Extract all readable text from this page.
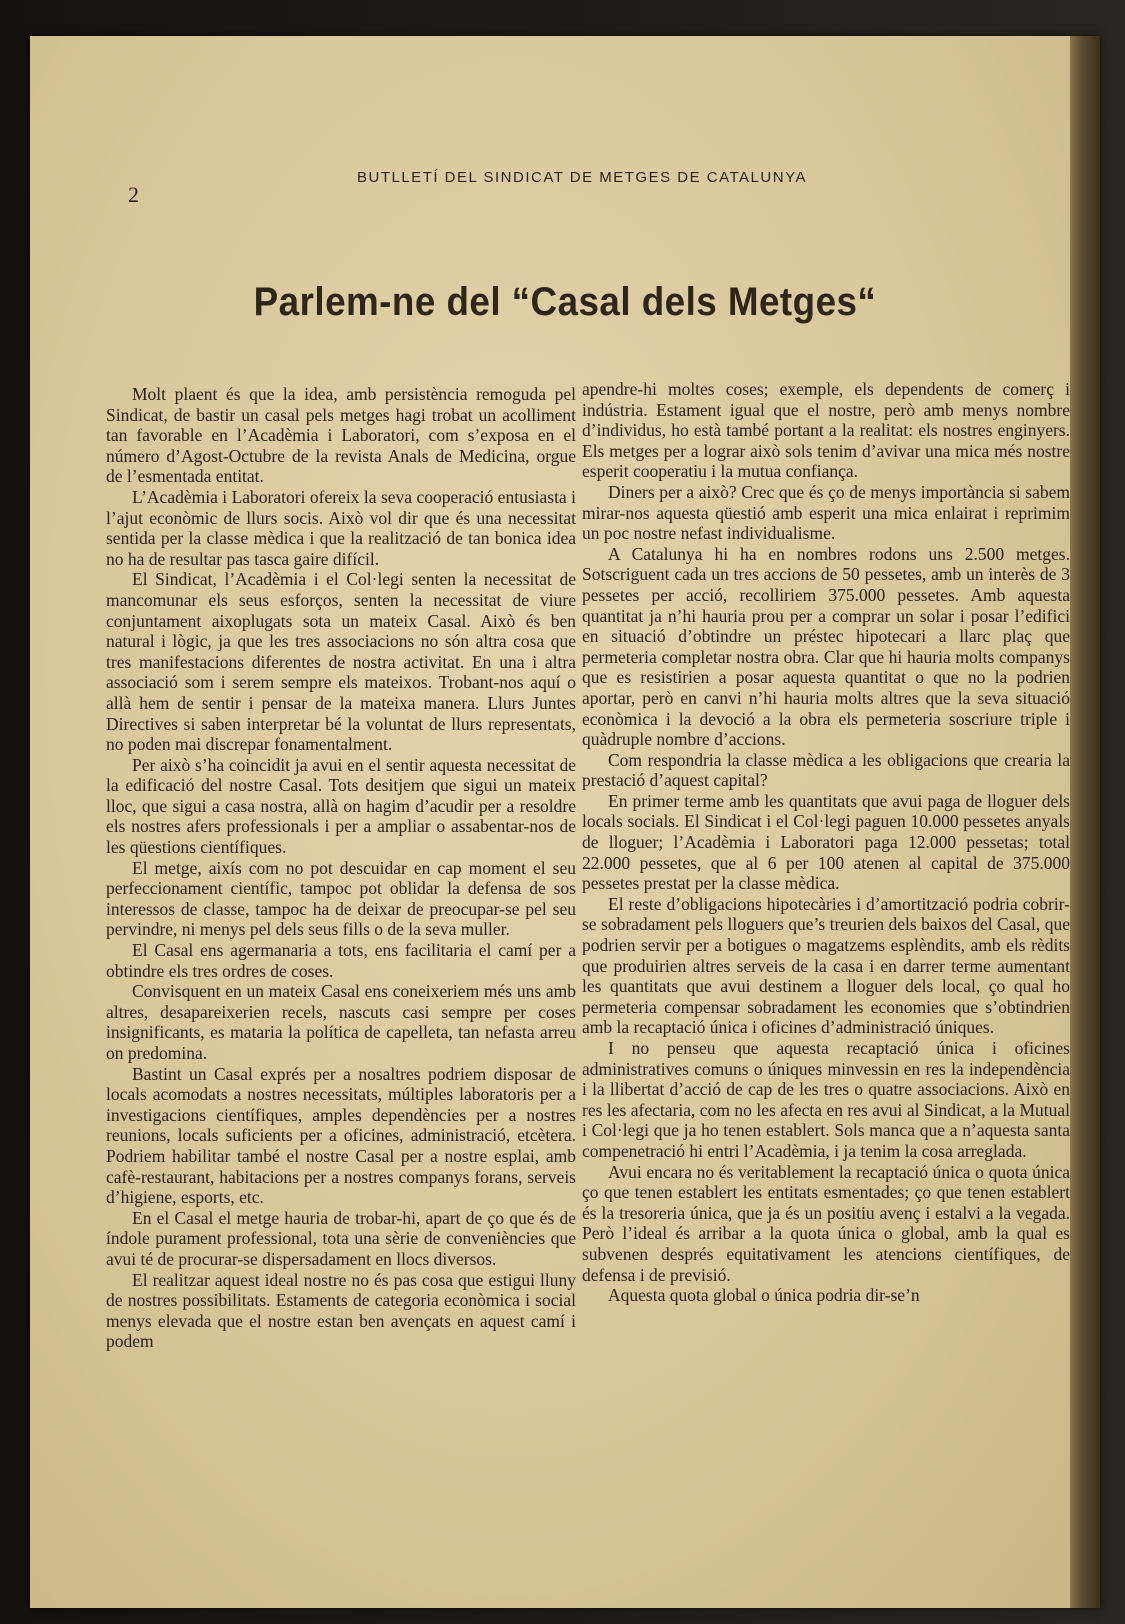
2
BUTLLETÍ DEL SINDICAT DE METGES DE CATALUNYA
Parlem-ne del “Casal dels Metges“

Molt plaent és que la idea, amb persistència remoguda pel Sindicat, de bastir un casal pels metges hagi trobat un acolliment tan favorable en l’Acadèmia i Laboratori, com s’exposa en el número d’Agost-Octubre de la revista Anals de Medicina, orgue de l’esmentada entitat.

L’Acadèmia i Laboratori ofereix la seva cooperació entusiasta i l’ajut econòmic de llurs socis. Això vol dir que és una necessitat sentida per la classe mèdica i que la realització de tan bonica idea no ha de resultar pas tasca gaire difícil.

El Sindicat, l’Acadèmia i el Col·legi senten la necessitat de mancomunar els seus esforços, senten la necessitat de viure conjuntament aixoplugats sota un mateix Casal. Això és ben natural i lògic, ja que les tres associacions no són altra cosa que tres manifestacions diferentes de nostra activitat. En una i altra associació som i serem sempre els mateixos. Trobant-nos aquí o allà hem de sentir i pensar de la mateixa manera. Llurs Juntes Directives si saben interpretar bé la voluntat de llurs representats, no poden mai discrepar fonamentalment.

Per això s’ha coincidit ja avui en el sentir aquesta necessitat de la edificació del nostre Casal. Tots desitjem que sigui un mateix lloc, que sigui a casa nostra, allà on hagim d’acudir per a resoldre els nostres afers professionals i per a ampliar o assabentar-nos de les qüestions científiques.

El metge, aixís com no pot descuidar en cap moment el seu perfeccionament científic, tampoc pot oblidar la defensa de sos interessos de classe, tampoc ha de deixar de preocupar-se pel seu pervindre, ni menys pel dels seus fills o de la seva muller.

El Casal ens agermanaria a tots, ens facilitaria el camí per a obtindre els tres ordres de coses.

Convisquent en un mateix Casal ens coneixeriem més uns amb altres, desapareixerien recels, nascuts casi sempre per coses insignificants, es mataria la política de capelleta, tan nefasta arreu on predomina.

Bastint un Casal exprés per a nosaltres podriem disposar de locals acomodats a nostres necessitats, múltiples laboratoris per a investigacions científiques, amples dependències per a nostres reunions, locals suficients per a oficines, administració, etcètera. Podriem habilitar també el nostre Casal per a nostre esplai, amb cafè-restaurant, habitacions per a nostres companys forans, serveis d’higiene, esports, etc.

En el Casal el metge hauria de trobar-hi, apart de ço que és de índole purament professional, tota una sèrie de conveniències que avui té de procurar-se dispersadament en llocs diversos.

El realitzar aquest ideal nostre no és pas cosa que estigui lluny de nostres possibilitats. Estaments de categoria econòmica i social menys elevada que el nostre estan ben avençats en aquest camí i podem

apendre-hi moltes coses; exemple, els dependents de comerç i indústria. Estament igual que el nostre, però amb menys nombre d’individus, ho està també portant a la realitat: els nostres enginyers. Els metges per a lograr això sols tenim d’avivar una mica més nostre esperit cooperatiu i la mutua confiança.

Diners per a això? Crec que és ço de menys importància si sabem mirar-nos aquesta qüestió amb esperit una mica enlairat i reprimim un poc nostre nefast individualisme.

A Catalunya hi ha en nombres rodons uns 2.500 metges. Sotscriguent cada un tres accions de 50 pessetes, amb un interès de 3 pessetes per acció, recolliriem 375.000 pessetes. Amb aquesta quantitat ja n’hi hauria prou per a comprar un solar i posar l’edifici en situació d’obtindre un préstec hipotecari a llarc plaç que permeteria completar nostra obra. Clar que hi hauria molts companys que es resistirien a posar aquesta quantitat o que no la podrien aportar, però en canvi n’hi hauria molts altres que la seva situació econòmica i la devoció a la obra els permeteria soscriure triple i quàdruple nombre d’accions.

Com respondria la classe mèdica a les obligacions que crearia la prestació d’aquest capital?

En primer terme amb les quantitats que avui paga de lloguer dels locals socials. El Sindicat i el Col·legi paguen 10.000 pessetes anyals de lloguer; l’Acadèmia i Laboratori paga 12.000 pessetas; total 22.000 pessetes, que al 6 per 100 atenen al capital de 375.000 pessetes prestat per la classe mèdica.

El reste d’obligacions hipotecàries i d’amortització podria cobrir-se sobradament pels lloguers que’s treurien dels baixos del Casal, que podrien servir per a botigues o magatzems esplèndits, amb els rèdits que produirien altres serveis de la casa i en darrer terme aumentant les quantitats que avui destinem a lloguer dels local, ço qual ho permeteria compensar sobradament les economies que s’obtindrien amb la recaptació única i oficines d’administració úniques.

I no penseu que aquesta recaptació única i oficines administratives comuns o úniques minvessin en res la independència i la llibertat d’acció de cap de les tres o quatre associacions. Això en res les afectaria, com no les afecta en res avui al Sindicat, a la Mutual i Col·legi que ja ho tenen establert. Sols manca que a n’aquesta santa compenetració hi entri l’Acadèmia, i ja tenim la cosa arreglada.

Avui encara no és veritablement la recaptació única o quota única ço que tenen establert les entitats esmentades; ço que tenen establert és la tresoreria única, que ja és un positiu avenç i estalvi a la vegada. Però l’ideal és arribar a la quota única o global, amb la qual es subvenen després equitativament les atencions científiques, de defensa i de previsió.

Aquesta quota global o única podria dir-se’n
